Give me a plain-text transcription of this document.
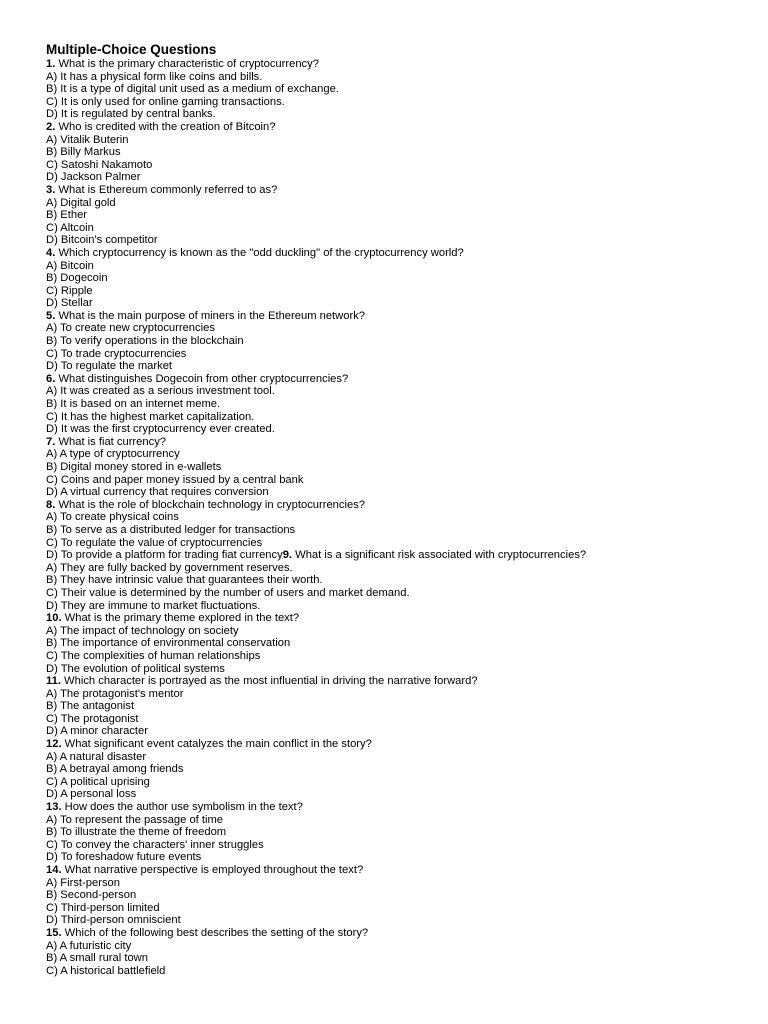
Multiple-Choice Questions
1. What is the primary characteristic of cryptocurrency?
A) It has a physical form like coins and bills.
B) It is a type of digital unit used as a medium of exchange.
C) It is only used for online gaming transactions.
D) It is regulated by central banks.
2. Who is credited with the creation of Bitcoin?
A) Vitalik Buterin
B) Billy Markus
C) Satoshi Nakamoto
D) Jackson Palmer
3. What is Ethereum commonly referred to as?
A) Digital gold
B) Ether
C) Altcoin
D) Bitcoin's competitor
4. Which cryptocurrency is known as the "odd duckling" of the cryptocurrency world?
A) Bitcoin
B) Dogecoin
C) Ripple
D) Stellar
5. What is the main purpose of miners in the Ethereum network?
A) To create new cryptocurrencies
B) To verify operations in the blockchain
C) To trade cryptocurrencies
D) To regulate the market
6. What distinguishes Dogecoin from other cryptocurrencies?
A) It was created as a serious investment tool.
B) It is based on an internet meme.
C) It has the highest market capitalization.
D) It was the first cryptocurrency ever created.
7. What is fiat currency?
A) A type of cryptocurrency
B) Digital money stored in e-wallets
C) Coins and paper money issued by a central bank
D) A virtual currency that requires conversion
8. What is the role of blockchain technology in cryptocurrencies?
A) To create physical coins
B) To serve as a distributed ledger for transactions
C) To regulate the value of cryptocurrencies
D) To provide a platform for trading fiat currency9. What is a significant risk associated with cryptocurrencies?
A) They are fully backed by government reserves.
B) They have intrinsic value that guarantees their worth.
C) Their value is determined by the number of users and market demand.
D) They are immune to market fluctuations.
10. What is the primary theme explored in the text?
A) The impact of technology on society
B) The importance of environmental conservation
C) The complexities of human relationships
D) The evolution of political systems
11. Which character is portrayed as the most influential in driving the narrative forward?
A) The protagonist's mentor
B) The antagonist
C) The protagonist
D) A minor character
12. What significant event catalyzes the main conflict in the story?
A) A natural disaster
B) A betrayal among friends
C) A political uprising
D) A personal loss
13. How does the author use symbolism in the text?
A) To represent the passage of time
B) To illustrate the theme of freedom
C) To convey the characters' inner struggles
D) To foreshadow future events
14. What narrative perspective is employed throughout the text?
A) First-person
B) Second-person
C) Third-person limited
D) Third-person omniscient
15. Which of the following best describes the setting of the story?
A) A futuristic city
B) A small rural town
C) A historical battlefield
